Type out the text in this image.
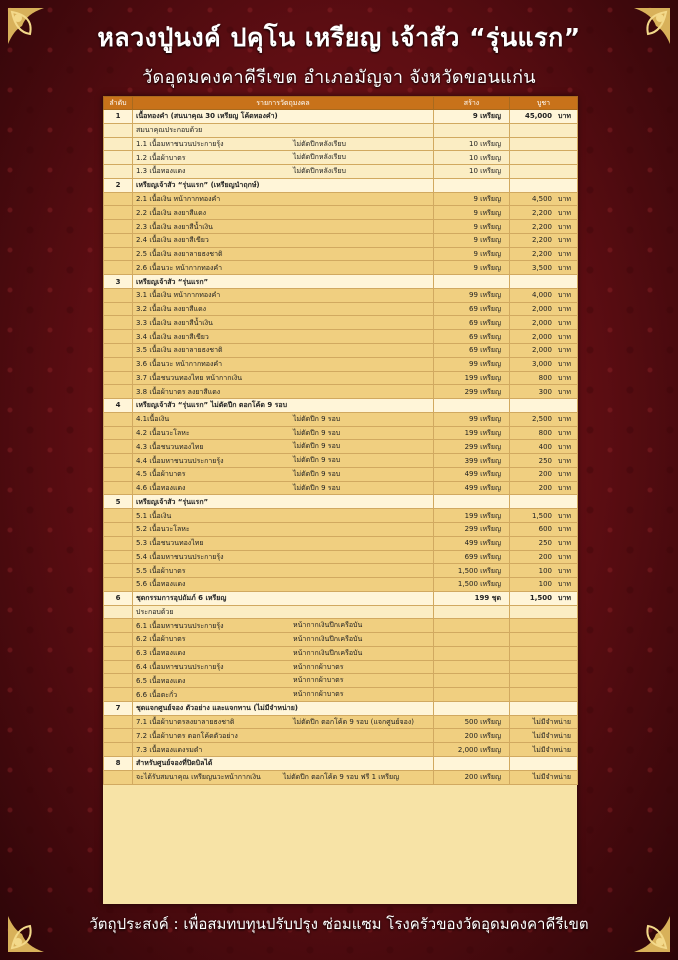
หลวงปู่นงค์ ปคุโน เหรียญ เจ้าสัว “รุ่นแรก”
วัดอุดมคงคาคีรีเขต อำเภอมัญจา จังหวัดขอนแก่น
ลำดับ	รายการวัตถุมงคล	สร้าง	บูชา
1	เนื้อทองคำ (สนนาคุณ 30 เหรียญ โค้ดทองคำ)	9 เหรียญ	45,000 บาท
	สมนาคุณประกอบด้วย		
	1.1 เนื้อมหาชนวนประกายรุ้ง ไม่ตัดปีกหลังเรียบ	10 เหรียญ	
	1.2 เนื้อผ้าบาตร ไม่ตัดปีกหลังเรียบ	10 เหรียญ	
	1.3 เนื้อทองแดง ไม่ตัดปีกหลังเรียบ	10 เหรียญ	
2	เหรียญเจ้าสัว “รุ่นแรก” (เหรียญนำฤกษ์)		
	2.1 เนื้อเงิน หน้ากากทองคำ	9 เหรียญ	4,500 บาท
	2.2 เนื้อเงิน ลงยาสีแดง	9 เหรียญ	2,200 บาท
	2.3 เนื้อเงิน ลงยาสีน้ำเงิน	9 เหรียญ	2,200 บาท
	2.4 เนื้อเงิน ลงยาสีเขียว	9 เหรียญ	2,200 บาท
	2.5 เนื้อเงิน ลงยาลายธงชาติ	9 เหรียญ	2,200 บาท
	2.6 เนื้อนวะ หน้ากากทองคำ	9 เหรียญ	3,500 บาท
3	เหรียญเจ้าสัว “รุ่นแรก”		
	3.1 เนื้อเงิน หน้ากากทองคำ	99 เหรียญ	4,000 บาท
	3.2 เนื้อเงิน ลงยาสีแดง	69 เหรียญ	2,000 บาท
	3.3 เนื้อเงิน ลงยาสีน้ำเงิน	69 เหรียญ	2,000 บาท
	3.4 เนื้อเงิน ลงยาสีเขียว	69 เหรียญ	2,000 บาท
	3.5 เนื้อเงิน ลงยาลายธงชาติ	69 เหรียญ	2,000 บาท
	3.6 เนื้อนวะ หน้ากากทองคำ	99 เหรียญ	3,000 บาท
	3.7 เนื้อชนวนทองไทย หน้ากากเงิน	199 เหรียญ	800 บาท
	3.8 เนื้อผ้าบาตร ลงยาสีแดง	299 เหรียญ	300 บาท
4	เหรียญเจ้าสัว “รุ่นแรก” ไม่ตัดปีก ตอกโค้ด 9 รอบ		
	4.1เนื้อเงิน ไม่ตัดปีก 9 รอบ	99 เหรียญ	2,500 บาท
	4.2 เนื้อนวะโลหะ ไม่ตัดปีก 9 รอบ	199 เหรียญ	800 บาท
	4.3 เนื้อชนวนทองไทย ไม่ตัดปีก 9 รอบ	299 เหรียญ	400 บาท
	4.4 เนื้อมหาชนวนประกายรุ้ง ไม่ตัดปีก 9 รอบ	399 เหรียญ	250 บาท
	4.5 เนื้อผ้าบาตร ไม่ตัดปีก 9 รอบ	499 เหรียญ	200 บาท
	4.6 เนื้อทองแดง ไม่ตัดปีก 9 รอบ	499 เหรียญ	200 บาท
5	เหรียญเจ้าสัว “รุ่นแรก”		
	5.1 เนื้อเงิน	199 เหรียญ	1,500 บาท
	5.2 เนื้อนวะโลหะ	299 เหรียญ	600 บาท
	5.3 เนื้อชนวนทองไทย	499 เหรียญ	250 บาท
	5.4 เนื้อมหาชนวนประกายรุ้ง	699 เหรียญ	200 บาท
	5.5 เนื้อผ้าบาตร	1,500 เหรียญ	100 บาท
	5.6 เนื้อทองแดง	1,500 เหรียญ	100 บาท
6	ชุดกรรมการอุปถัมภ์ 6 เหรียญ	199 ชุด	1,500 บาท
	ประกอบด้วย		
	6.1 เนื้อมหาชนวนประกายรุ้ง หน้ากากเงินปีกเครือบัน		

	6.2 เนื้อผ้าบาตร หน้ากากเงินปีกเครือบัน		

	6.3 เนื้อทองแดง หน้ากากเงินปีกเครือบัน		

	6.4 เนื้อมหาชนวนประกายรุ้ง หน้ากากผ้าบาตร		

	6.5 เนื้อทองแดง หน้ากากผ้าบาตร		

	6.6 เนื้อตะกั่ว หน้ากากผ้าบาตร		

7	ชุดแจกศูนย์จอง ตัวอย่าง และแจกทาน (ไม่มีจำหน่าย)		
	7.1 เนื้อผ้าบาตรลงยาลายธงชาติ ไม่ตัดปีก ตอกโค้ด 9 รอบ (แจกศูนย์จอง)	500 เหรียญ	ไม่มีจำหน่าย
	7.2 เนื้อผ้าบาตร ตอกโค้ดตัวอย่าง	200 เหรียญ	ไม่มีจำหน่าย
	7.3 เนื้อทองแดงรมดำ	2,000 เหรียญ	ไม่มีจำหน่าย
8	สำหรับศูนย์จองที่ปิดบิลได้		
	จะได้รับสมนาคุณ เหรียญนวะหน้ากากเงิน ไม่ตัดปีก ตอกโค้ด 9 รอบ ฟรี 1 เหรียญ	200 เหรียญ	ไม่มีจำหน่าย
วัตถุประสงค์ : เพื่อสมทบทุนปรับปรุง ซ่อมแซม โรงครัวของวัดอุดมคงคาคีรีเขต
